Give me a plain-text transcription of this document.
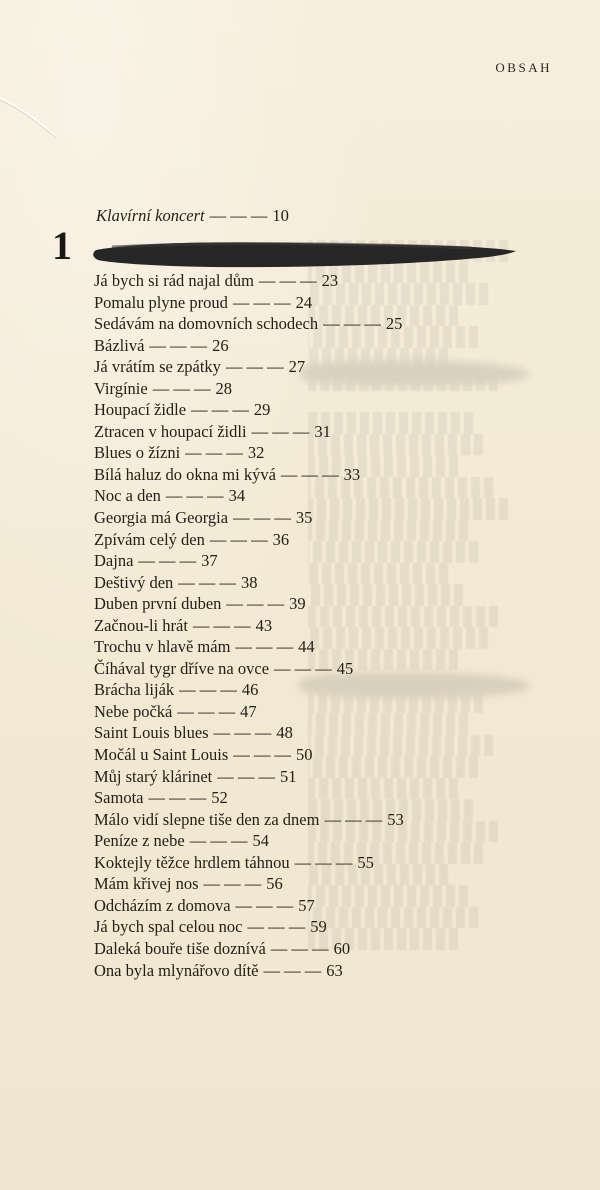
OBSAH
Klavírní koncert — — — 10
1
Já bych si rád najal dům — — — 23
Pomalu plyne proud — — — 24
Sedávám na domovních schodech — — — 25
Bázlivá — — — 26
Já vrátím se zpátky — — — 27
Virgínie — — — 28
Houpací židle — — — 29
Ztracen v houpací židli — — — 31
Blues o žízni — — — 32
Bílá haluz do okna mi kývá — — — 33
Noc a den — — — 34
Georgia má Georgia — — — 35
Zpívám celý den — — — 36
Dajna — — — 37
Deštivý den — — — 38
Duben první duben — — — 39
Začnou-li hrát — — — 43
Trochu v hlavě mám — — — 44
Číhával tygr dříve na ovce — — — 45
Brácha liják — — — 46
Nebe počká — — — 47
Saint Louis blues — — — 48
Močál u Saint Louis — — — 50
Můj starý klárinet — — — 51
Samota — — — 52
Málo vidí slepne tiše den za dnem — — — 53
Peníze z nebe — — — 54
Koktejly těžce hrdlem táhnou — — — 55
Mám křivej nos — — — 56
Odcházím z domova — — — 57
Já bych spal celou noc — — — 59
Daleká bouře tiše doznívá — — — 60
Ona byla mlynářovo dítě — — — 63
